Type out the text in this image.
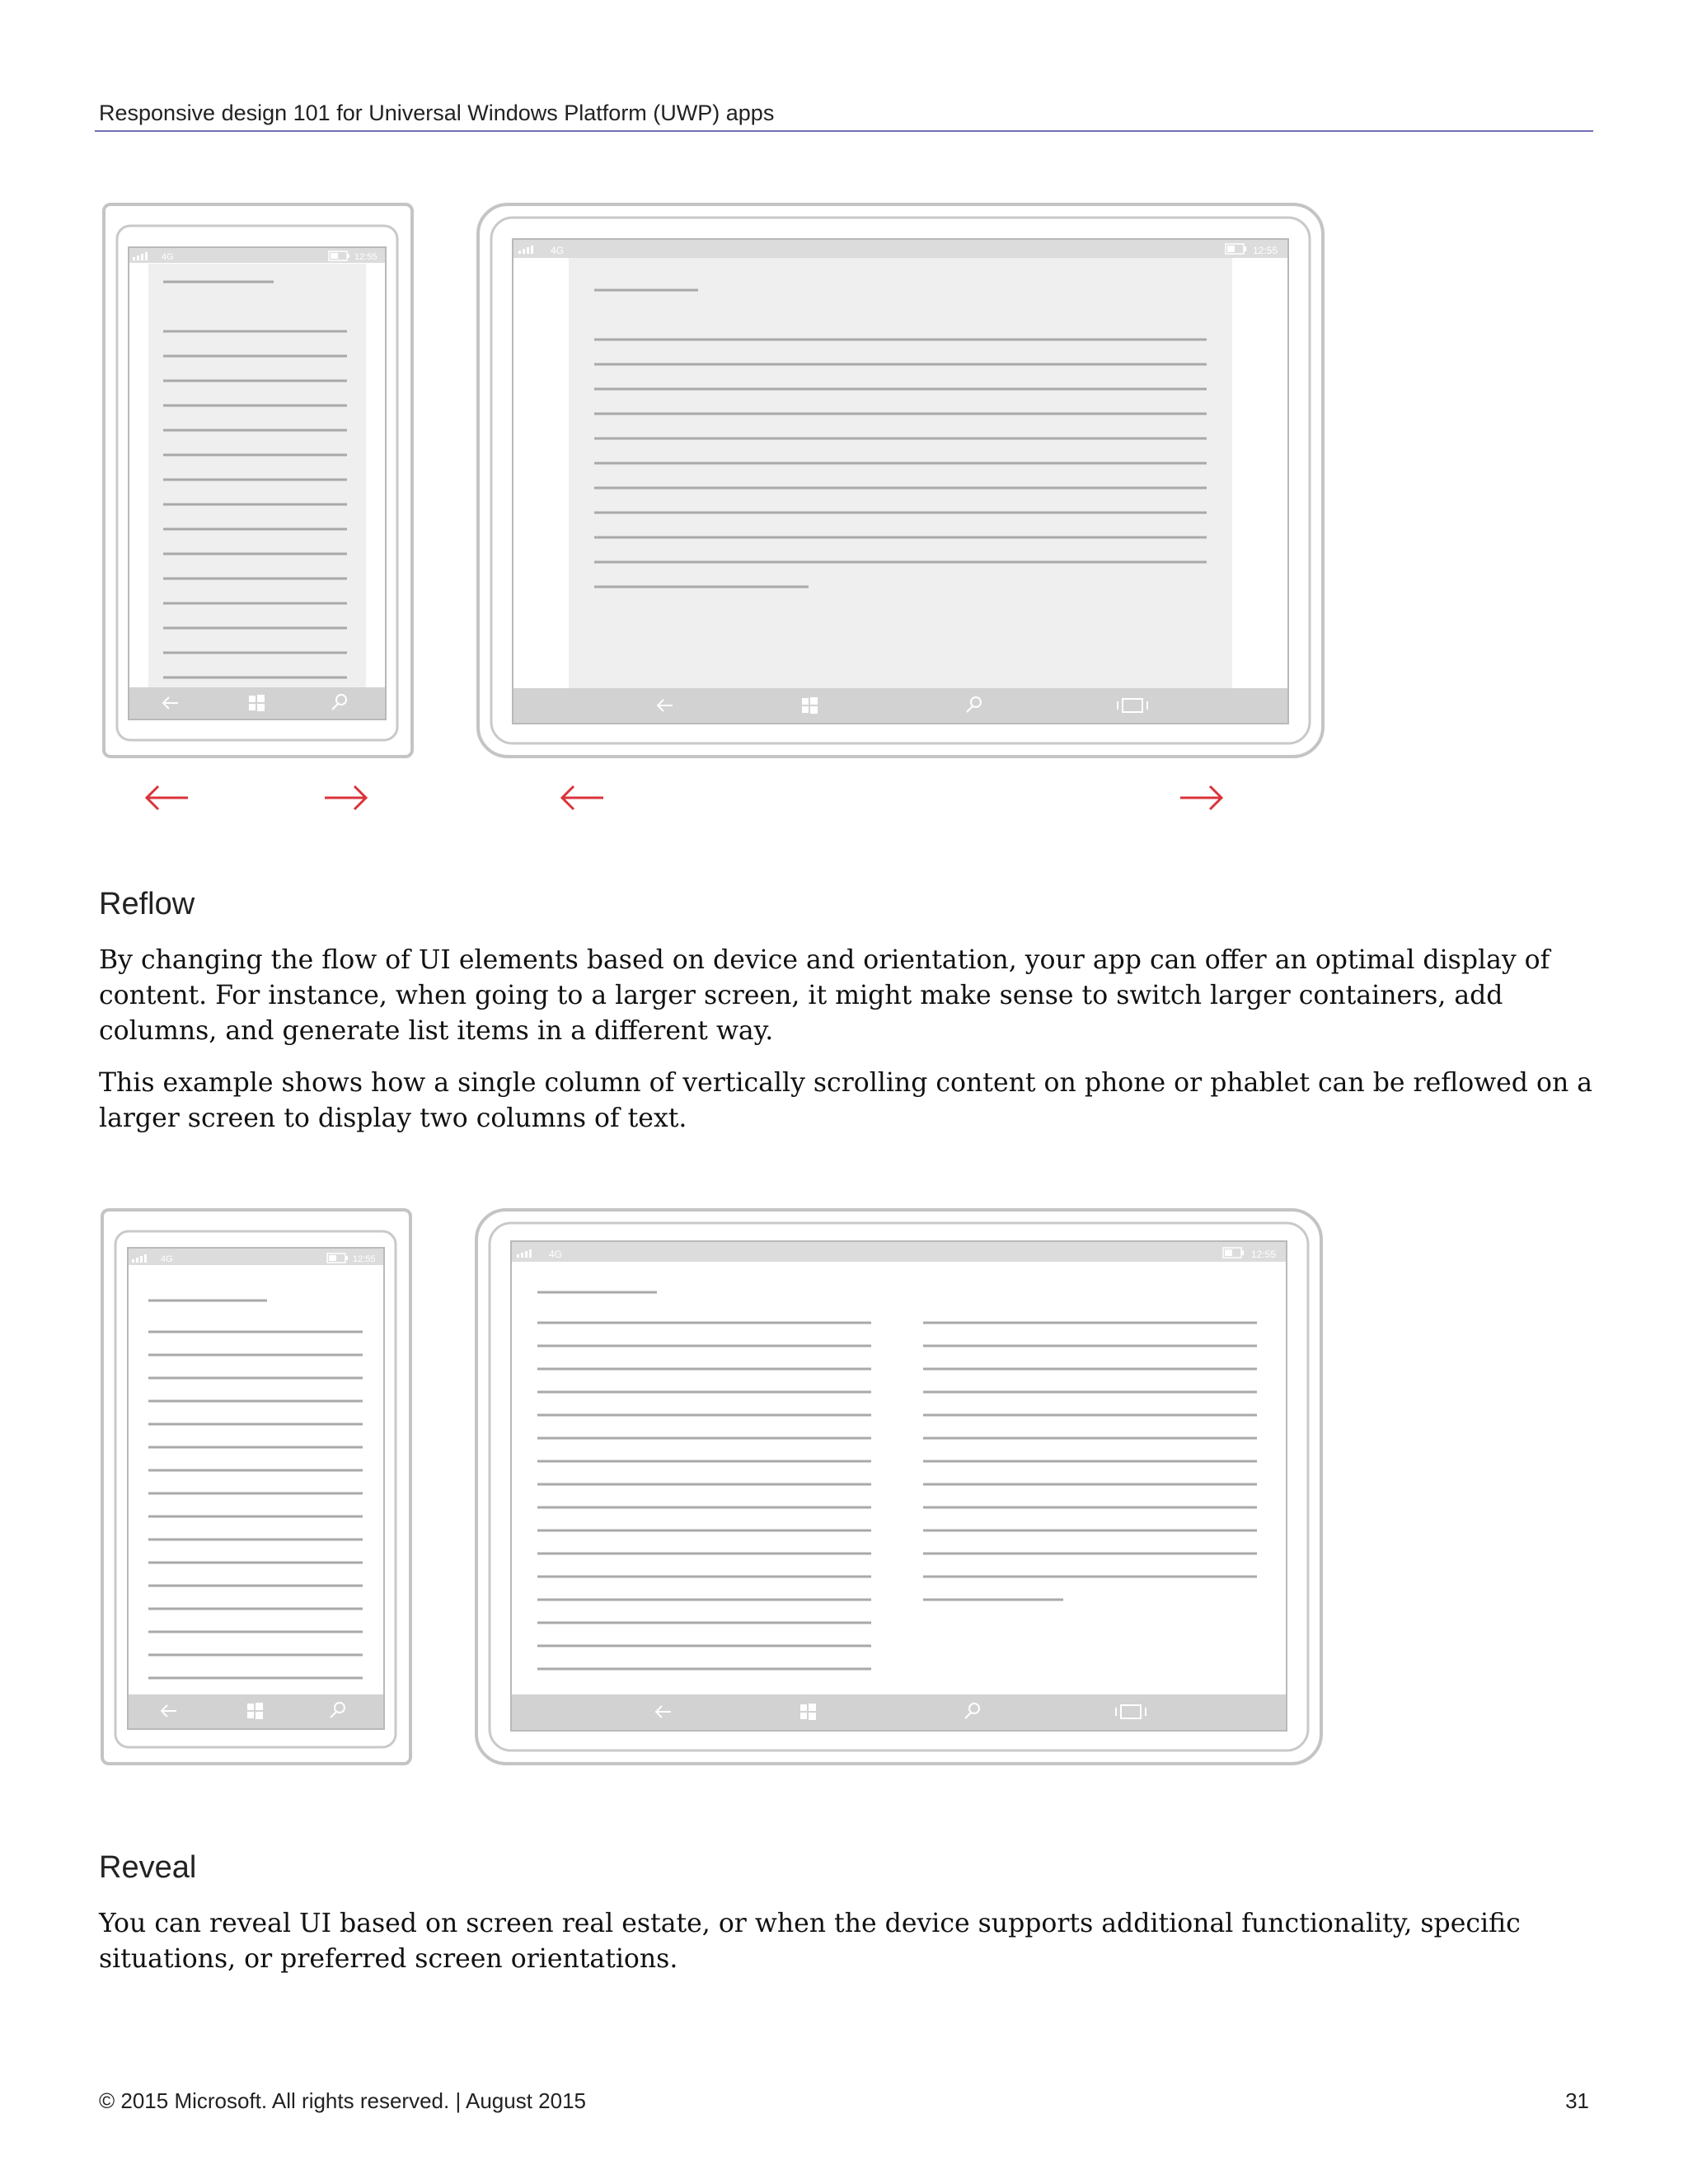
Responsive design 101 for Universal Windows Platform (UWP) apps
4G	12:55
4G	12:55
Reflow

By changing the flow of UI elements based on device and orientation, your app can offer an optimal display of content. For instance, when going to a larger screen, it might make sense to switch larger containers, add columns, and generate list items in a different way.

This example shows how a single column of vertically scrolling content on phone or phablet can be reflowed on a larger screen to display two columns of text.

4G	12:55	4G	12:55
Reveal

You can reveal UI based on screen real estate, or when the device supports additional functionality, specific situations, or preferred screen orientations.

© 2015 Microsoft. All rights reserved. | August 2015	31
